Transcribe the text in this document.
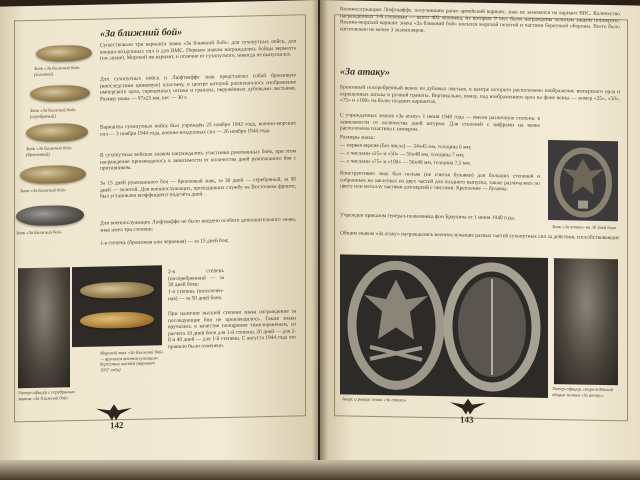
Знак «За ближний бой» (золотой)
Знак «За ближний бой» (серебряный)
Знак «За ближний бой» (бронзовый)
Знак «За ближний бой»
Знак «За ближний бой»
«За ближний бой»
Существовало три варианта знака «За ближний бой»: для сухопутных войск, для военно-воздушных сил и для ВМС. Первым знаком награждались бойцы вермахта (см. ниже). Морской же вариант, в отличие от сухопутного, никогда не выпускался.
Для сухопутных войск и Люфтваффе знак представлял собой бронзовую (впоследствии цинковую) пластину, в центре которой располагалось изображение имперского орла, скрещенных штыка и гранаты, окружённых дубовыми листьями. Размер знака — 97х25 мм, вес — 30 г.
Варианты сухопутных войск был учреждён 25 ноября 1942 года, военно-морских сил — 3 ноября 1944 года, военно-воздушных сил — 26 ноября 1944 года.
В сухопутных войсках знаком награждались участники рукопашных боёв, при этом награждение производилось в зависимости от количества дней рукопашного боя с противником.
За 15 дней рукопашного боя — бронзовый знак, за 30 дней — серебряный, за 50 дней — золотой. Для военнослужащих, проходивших службу на Восточном фронте, был установлен коэффициент подсчёта дней.
Для военнослужащих Люфтваффе не было введено особого дополнительного знака, знак имел три степени:
1-я степень (бронзовая или черненая) — за 15 дней боя;
Унтер-офицер с серебряным знаком «За ближний бой»
Морской знак «За ближний бой» — вручался военнослужащим береговых частей (вариант 1957 года)
2-я степень (посеребренная) — за 30 дней боев;
1-я степень (позолоченная) — за 50 дней боев.
При наличии высшей степени знака награждение за последующие бои не производилось. Также знаки вручались в качестве поощрения тяжелораненым, из расчета 10 дней боев для 1-й степени, 20 дней — для 2-й и 40 дней — для 1-й степени. С августа 1944 года это правило было отменено.
142
Военнослужащим Люфтваффе, получившим ранее армейский вариант, знак не заменялся на вариант ВВС. Количество награжденных 1-й степенью — всего 403 человека, из которых 9 чел. были награждены золотым знаком посмертно. Военно-морской вариант знака «За ближний бой» носился морской пехотой и частями береговой обороны. Всего было изготовлено не менее 3 экземпляров.
«За атаку»
Бронзовый посеребрённый венок из дубовых листьев, в центре которого расположено изображение имперского орла и скрещенных штыка и ручной гранаты. Вертикально, внизу, под изображением орла на фоне венка — номер «25», «50», «75» и «100» на более поздних вариантах.
С учрежденных знаков «За атаку» 1 июня 1940 года — имели различную степень: в зависимости от количества дней штурма. Для степеней с цифрами на венке расположена пластина с номером.
Размеры знака:
— первая версия (без числа) — 54х45 мм, толщина 6 мм;
— с числами «25» и «50» — 56х48 мм, толщина 7 мм;
— с числами «75» и «100» — 56х49 мм, толщина 7,5 мм.
Конструктивно знак был полым (не считая булавки) для больших степеней и собранным на заклепках из двух частей для позднего выпуска, также различались по цвету или металлу частями для версий с числами. Крепление — булавка.
Учрежден приказом генерал-полковника фон Браухича от 1 июня 1940 года.
Общим знаком «За атаку» награждались военнослужащие разных частей сухопутных сил за действия, способствовавшие
Знак «За атаку» на 3б дней боев
Аверс и реверс знака «За атаку».
Унтер-офицер, награждённый общим знаком «За атаку».
143
